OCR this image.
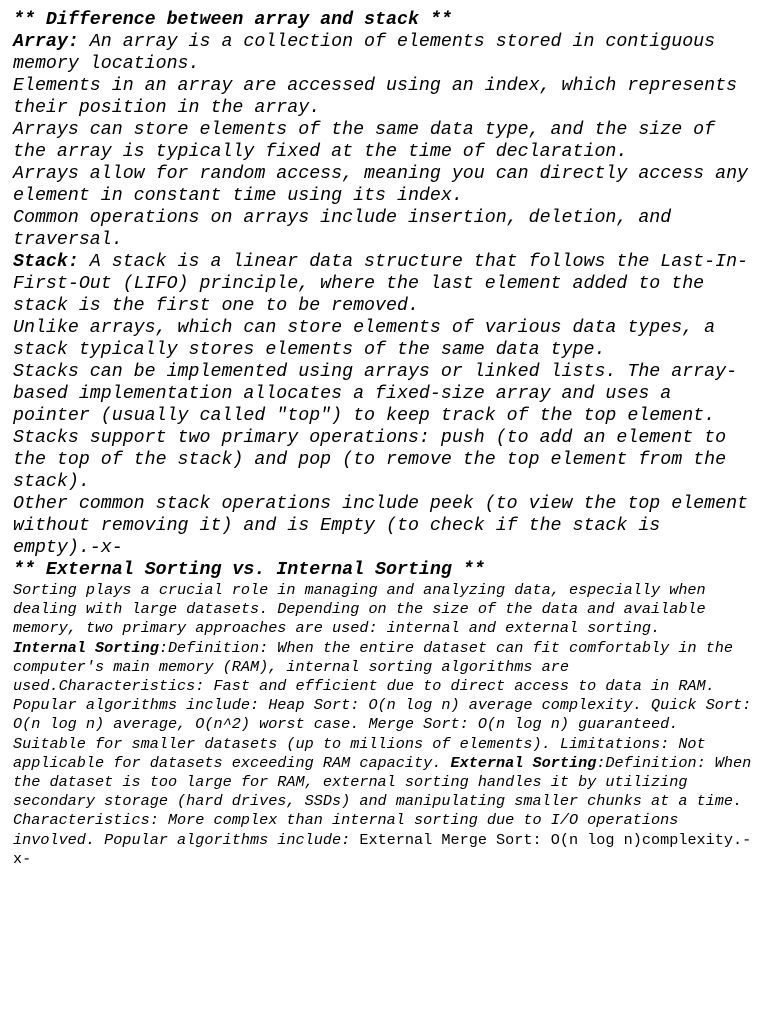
** Difference between array and stack **
Array: An array is a collection of elements stored in contiguous memory locations.
Elements in an array are accessed using an index, which represents their position in the array.
Arrays can store elements of the same data type, and the size of the array is typically fixed at the time of declaration.
Arrays allow for random access, meaning you can directly access any element in constant time using its index.
Common operations on arrays include insertion, deletion, and traversal.
Stack: A stack is a linear data structure that follows the Last-In-First-Out (LIFO) principle, where the last element added to the stack is the first one to be removed.
Unlike arrays, which can store elements of various data types, a stack typically stores elements of the same data type.
Stacks can be implemented using arrays or linked lists. The array-based implementation allocates a fixed-size array and uses a pointer (usually called "top") to keep track of the top element.
Stacks support two primary operations: push (to add an element to the top of the stack) and pop (to remove the top element from the stack).
Other common stack operations include peek (to view the top element without removing it) and is Empty (to check if the stack is empty).-x-
** External Sorting vs. Internal Sorting **
Sorting plays a crucial role in managing and analyzing data, especially when dealing with large datasets. Depending on the size of the data and available memory, two primary approaches are used: internal and external sorting.
Internal Sorting:Definition: When the entire dataset can fit comfortably in the computer's main memory (RAM), internal sorting algorithms are used.Characteristics: Fast and efficient due to direct access to data in RAM. Popular algorithms include: Heap Sort: O(n log n) average complexity. Quick Sort: O(n log n) average, O(n^2) worst case. Merge Sort: O(n log n) guaranteed. Suitable for smaller datasets (up to millions of elements). Limitations: Not applicable for datasets exceeding RAM capacity. External Sorting:Definition: When the dataset is too large for RAM, external sorting handles it by utilizing secondary storage (hard drives, SSDs) and manipulating smaller chunks at a time. Characteristics: More complex than internal sorting due to I/O operations involved. Popular algorithms include: External Merge Sort: O(n log n)complexity.-x-
